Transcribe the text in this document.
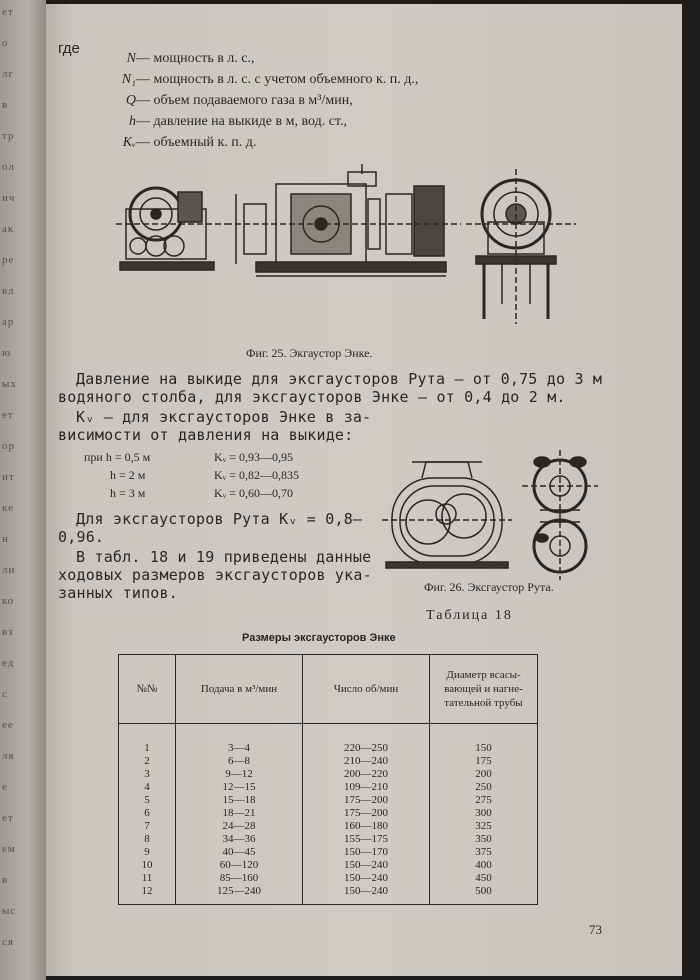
ет
о
лг
в
тр
ол
ич
ак
ре
вл
ар
ю
ых
ет
ор
ит
ке
н
ли
ко
вз
ед
с
ее
ля
е
ет
ем
в
ыс
ся
где
N— мощность в л. с.,
N₁— мощность в л. с. с учетом объемного к. п. д.,
Q— объем подаваемого газа в м³/мин,
h— давление на выкиде в м, вод. ст.,
Kᵥ— объемный к. п. д.
Фиг. 25. Экгаустор Энке.
Давление на выкиде для эксгаусторов Рута — от 0,75 до 3 м
водяного столба, для эксгаусторов Энке — от 0,4 до 2 м.
Kᵥ — для эксгаусторов Энке в за-
висимости от давления на выкиде:
при h = 0,5 м	Kᵥ = 0,93—0,95
h = 2 м	Kᵥ = 0,82—0,835
h = 3 м	Kᵥ = 0,60—0,70
Для эксгаусторов Рута Kᵥ = 0,8—
0,96.
В табл. 18 и 19 приведены данные
ходовых размеров эксгаусторов ука-
занных типов.	Фиг. 26. Эксгаустор Рута.
Таблица 18
Размеры эксгаусторов Энке
№№	Подача в м³/мин	Число об/мин	Диаметр всасы-вающей и нагне-тательной трубы

1	3—4	220—250	150
2	6—8	210—240	175
3	9—12	200—220	200
4	12—15	109—210	250
5	15—18	175—200	275
6	18—21	175—200	300
7	24—28	160—180	325
8	34—36	155—175	350
9	40—45	150—170	375
10	60—120	150—240	400
11	85—160	150—240	450
12	125—240	150—240	500
73
